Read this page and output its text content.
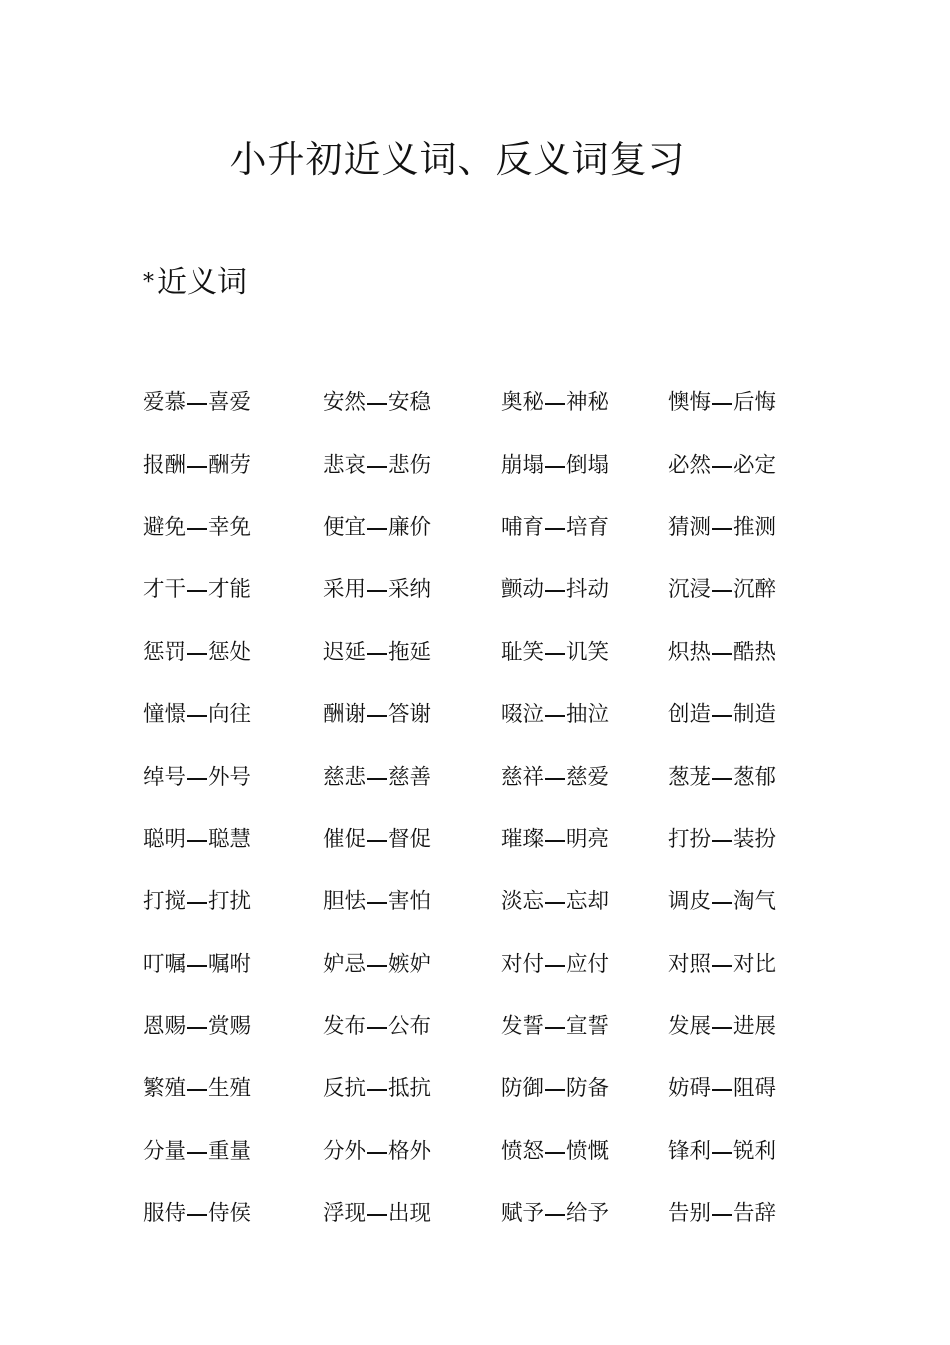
小升初近义词、反义词复习
* 近义词
爱慕 喜爱	安然 安稳	奥秘 神秘	懊悔 后悔
报酬 酬劳	悲哀 悲伤	崩塌 倒塌	必然 必定
避免 幸免	便宜 廉价	哺育 培育	猜测 推测
才干 才能	采用 采纳	颤动 抖动	沉浸 沉醉
惩罚 惩处	迟延 拖延	耻笑 讥笑	炽热 酷热
憧憬 向往	酬谢 答谢	啜泣 抽泣	创造 制造
绰号 外号	慈悲 慈善	慈祥 慈爱	葱茏 葱郁
聪明 聪慧	催促 督促	璀璨 明亮	打扮 装扮
打搅 打扰	胆怯 害怕	淡忘 忘却	调皮 淘气
叮嘱 嘱咐	妒忌 嫉妒	对付 应付	对照 对比
恩赐 赏赐	发布 公布	发誓 宣誓	发展 进展
繁殖 生殖	反抗 抵抗	防御 防备	妨碍 阻碍
分量 重量	分外 格外	愤怒 愤慨	锋利 锐利
服侍 侍侯	浮现 出现	赋予 给予	告别 告辞
